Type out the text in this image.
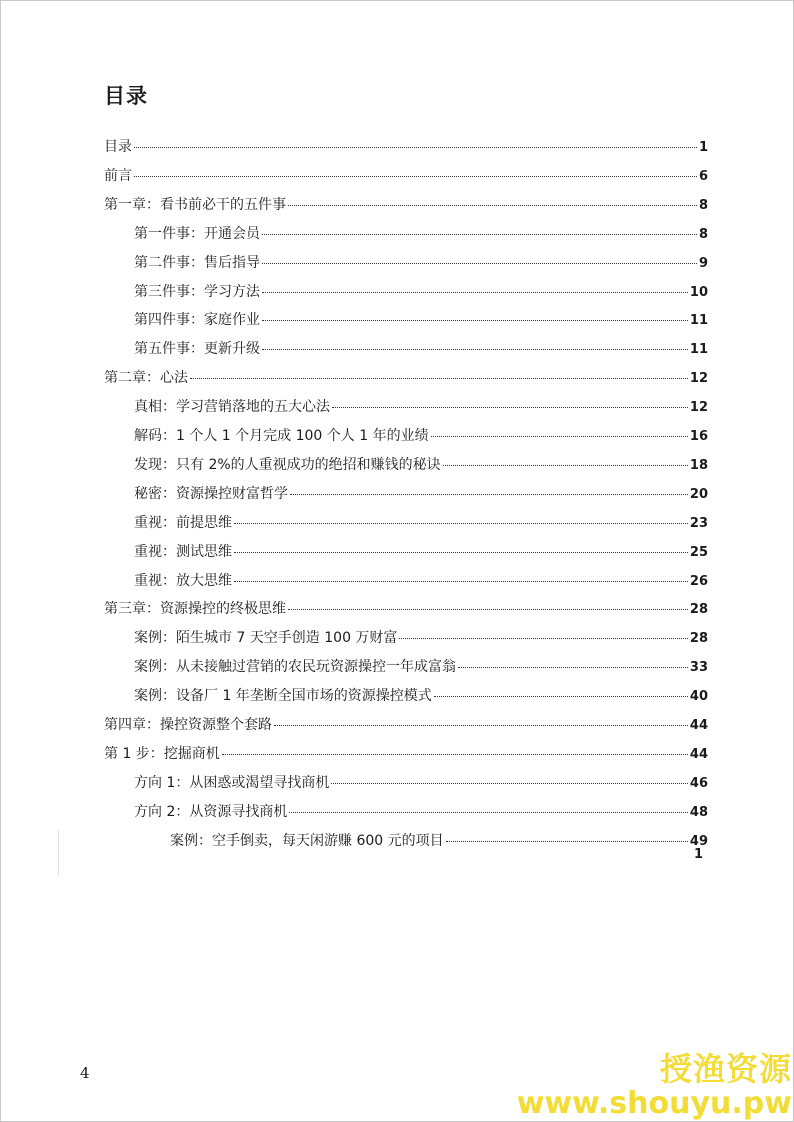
目录
目录	1
前言	6
第一章：看书前必干的五件事	8
第一件事：开通会员	8
第二件事：售后指导	9
第三件事：学习方法	10
第四件事：家庭作业	11
第五件事：更新升级	11
第二章：心法	12
真相：学习营销落地的五大心法	12
解码：1 个人 1 个月完成 100 个人 1 年的业绩	16
发现：只有 2%的人重视成功的绝招和赚钱的秘诀	18
秘密：资源操控财富哲学	20
重视：前提思维	23
重视：测试思维	25
重视：放大思维	26
第三章：资源操控的终极思维	28
案例：陌生城市 7 天空手创造 100 万财富	28
案例：从未接触过营销的农民玩资源操控一年成富翁	33
案例：设备厂 1 年垄断全国市场的资源操控模式	40
第四章：操控资源整个套路	44
第 1 步：挖掘商机	44
方向 1：从困惑或渴望寻找商机	46
方向 2：从资源寻找商机	48
案例：空手倒卖，每天闲游赚 600 元的项目	49
1
4	授渔资源
www.shouyu.pw
